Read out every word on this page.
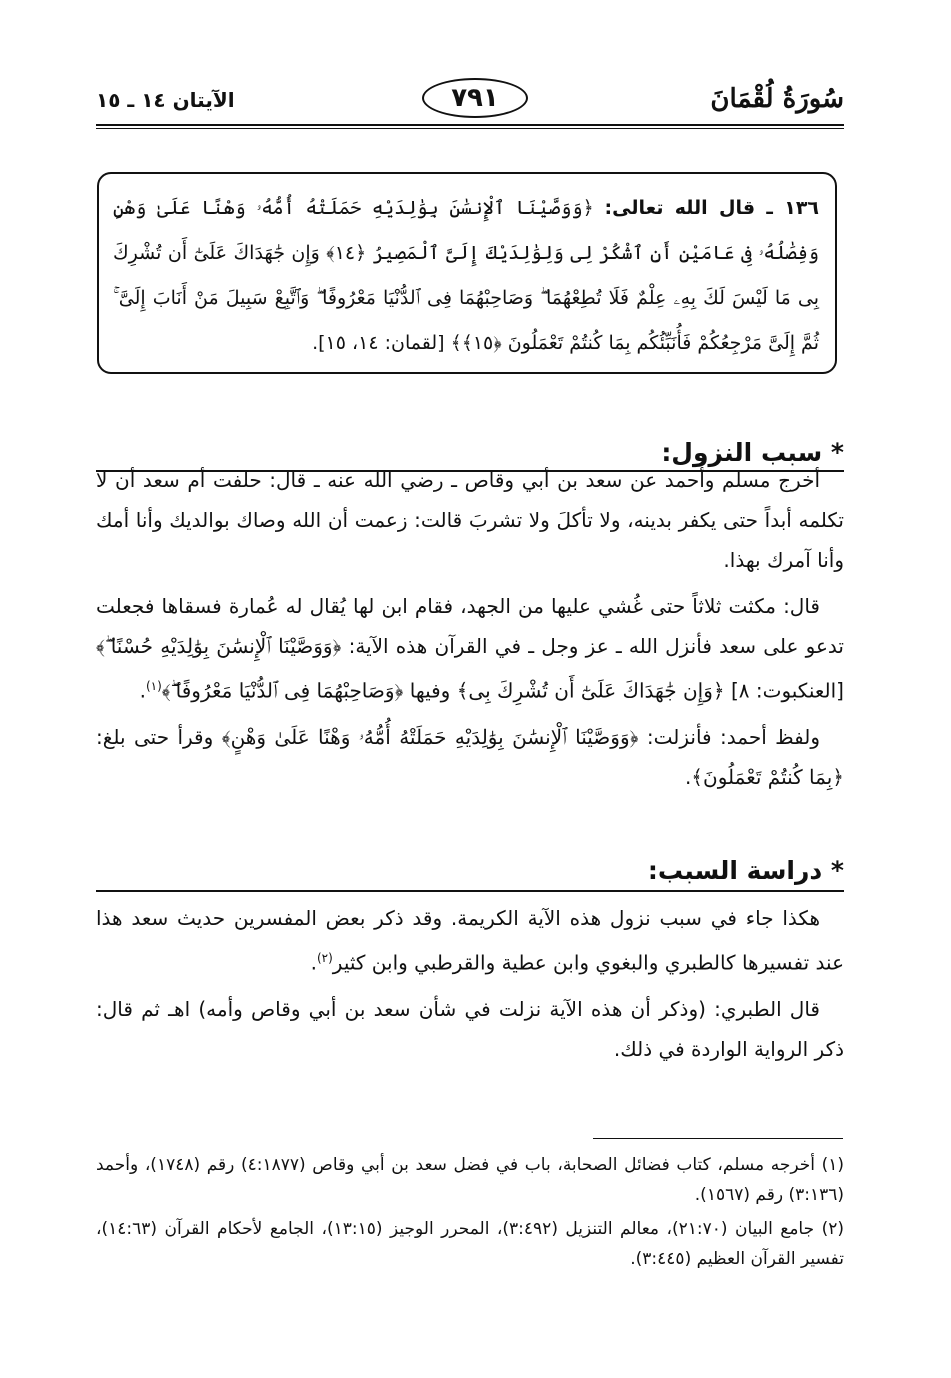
سُورَةُ لُقْمَانَ
الآيتان ١٤ ـ ١٥	٧٩١
١٣٦ ـ قال الله تعالى: ﴿وَوَصَّيْنَا ٱلْإِنسَٰنَ بِوَٰلِدَيْهِ حَمَلَتْهُ أُمُّهُۥ وَهْنًا عَلَىٰ وَهْنٍ وَفِصَٰلُهُۥ فِى عَامَيْنِ أَنِ ٱشْكُرْ لِى وَلِوَٰلِدَيْكَ إِلَىَّ ٱلْمَصِيرُ ﴿١٤﴾ وَإِن جَٰهَدَاكَ عَلَىٰٓ أَن تُشْرِكَ بِى مَا لَيْسَ لَكَ بِهِۦ عِلْمٌ فَلَا تُطِعْهُمَا ۖ وَصَاحِبْهُمَا فِى ٱلدُّنْيَا مَعْرُوفًا ۖ وَٱتَّبِعْ سَبِيلَ مَنْ أَنَابَ إِلَىَّ ۚ ثُمَّ إِلَىَّ مَرْجِعُكُمْ فَأُنَبِّئُكُم بِمَا كُنتُمْ تَعْمَلُونَ ﴿١٥﴾﴾ [لقمان: ١٤، ١٥].
* سبب النزول:

أخرج مسلم وأحمد عن سعد بن أبي وقاص ـ رضي الله عنه ـ قال: حلفت أم سعد أن لا تكلمه أبداً حتى يكفر بدينه، ولا تأكلَ ولا تشربَ قالت: زعمت أن الله وصاك بوالديك وأنا أمك وأنا آمرك بهذا.

قال: مكثت ثلاثاً حتى غُشي عليها من الجهد، فقام ابن لها يُقال له عُمارة فسقاها فجعلت تدعو على سعد فأنزل الله ـ عز وجل ـ في القرآن هذه الآية: ﴿وَوَصَّيْنَا ٱلْإِنسَٰنَ بِوَٰلِدَيْهِ حُسْنًا ۖ﴾ [العنكبوت: ٨] ﴿وَإِن جَٰهَدَاكَ عَلَىٰٓ أَن تُشْرِكَ بِى﴾ وفيها ﴿وَصَاحِبْهُمَا فِى ٱلدُّنْيَا مَعْرُوفًا ۖ﴾$^{(١)}$.

ولفظ أحمد: فأنزلت: ﴿وَوَصَّيْنَا ٱلْإِنسَٰنَ بِوَٰلِدَيْهِ حَمَلَتْهُ أُمُّهُۥ وَهْنًا عَلَىٰ وَهْنٍ﴾ وقرأ حتى بلغ: ﴿بِمَا كُنتُمْ تَعْمَلُونَ﴾.

* دراسة السبب:

هكذا جاء في سبب نزول هذه الآية الكريمة. وقد ذكر بعض المفسرين حديث سعد هذا عند تفسيرها كالطبري والبغوي وابن عطية والقرطبي وابن كثير$^{(٢)}$.

قال الطبري: (وذكر أن هذه الآية نزلت في شأن سعد بن أبي وقاص وأمه) اهـ ثم قال: ذكر الرواية الواردة في ذلك.

(١) أخرجه مسلم، كتاب فضائل الصحابة، باب في فضل سعد بن أبي وقاص (٤:١٨٧٧) رقم (١٧٤٨)، وأحمد (٣:١٣٦) رقم (١٥٦٧).

(٢) جامع البيان (٢١:٧٠)، معالم التنزيل (٣:٤٩٢)، المحرر الوجيز (١٣:١٥)، الجامع لأحكام القرآن (١٤:٦٣)، تفسير القرآن العظيم (٣:٤٤٥).
